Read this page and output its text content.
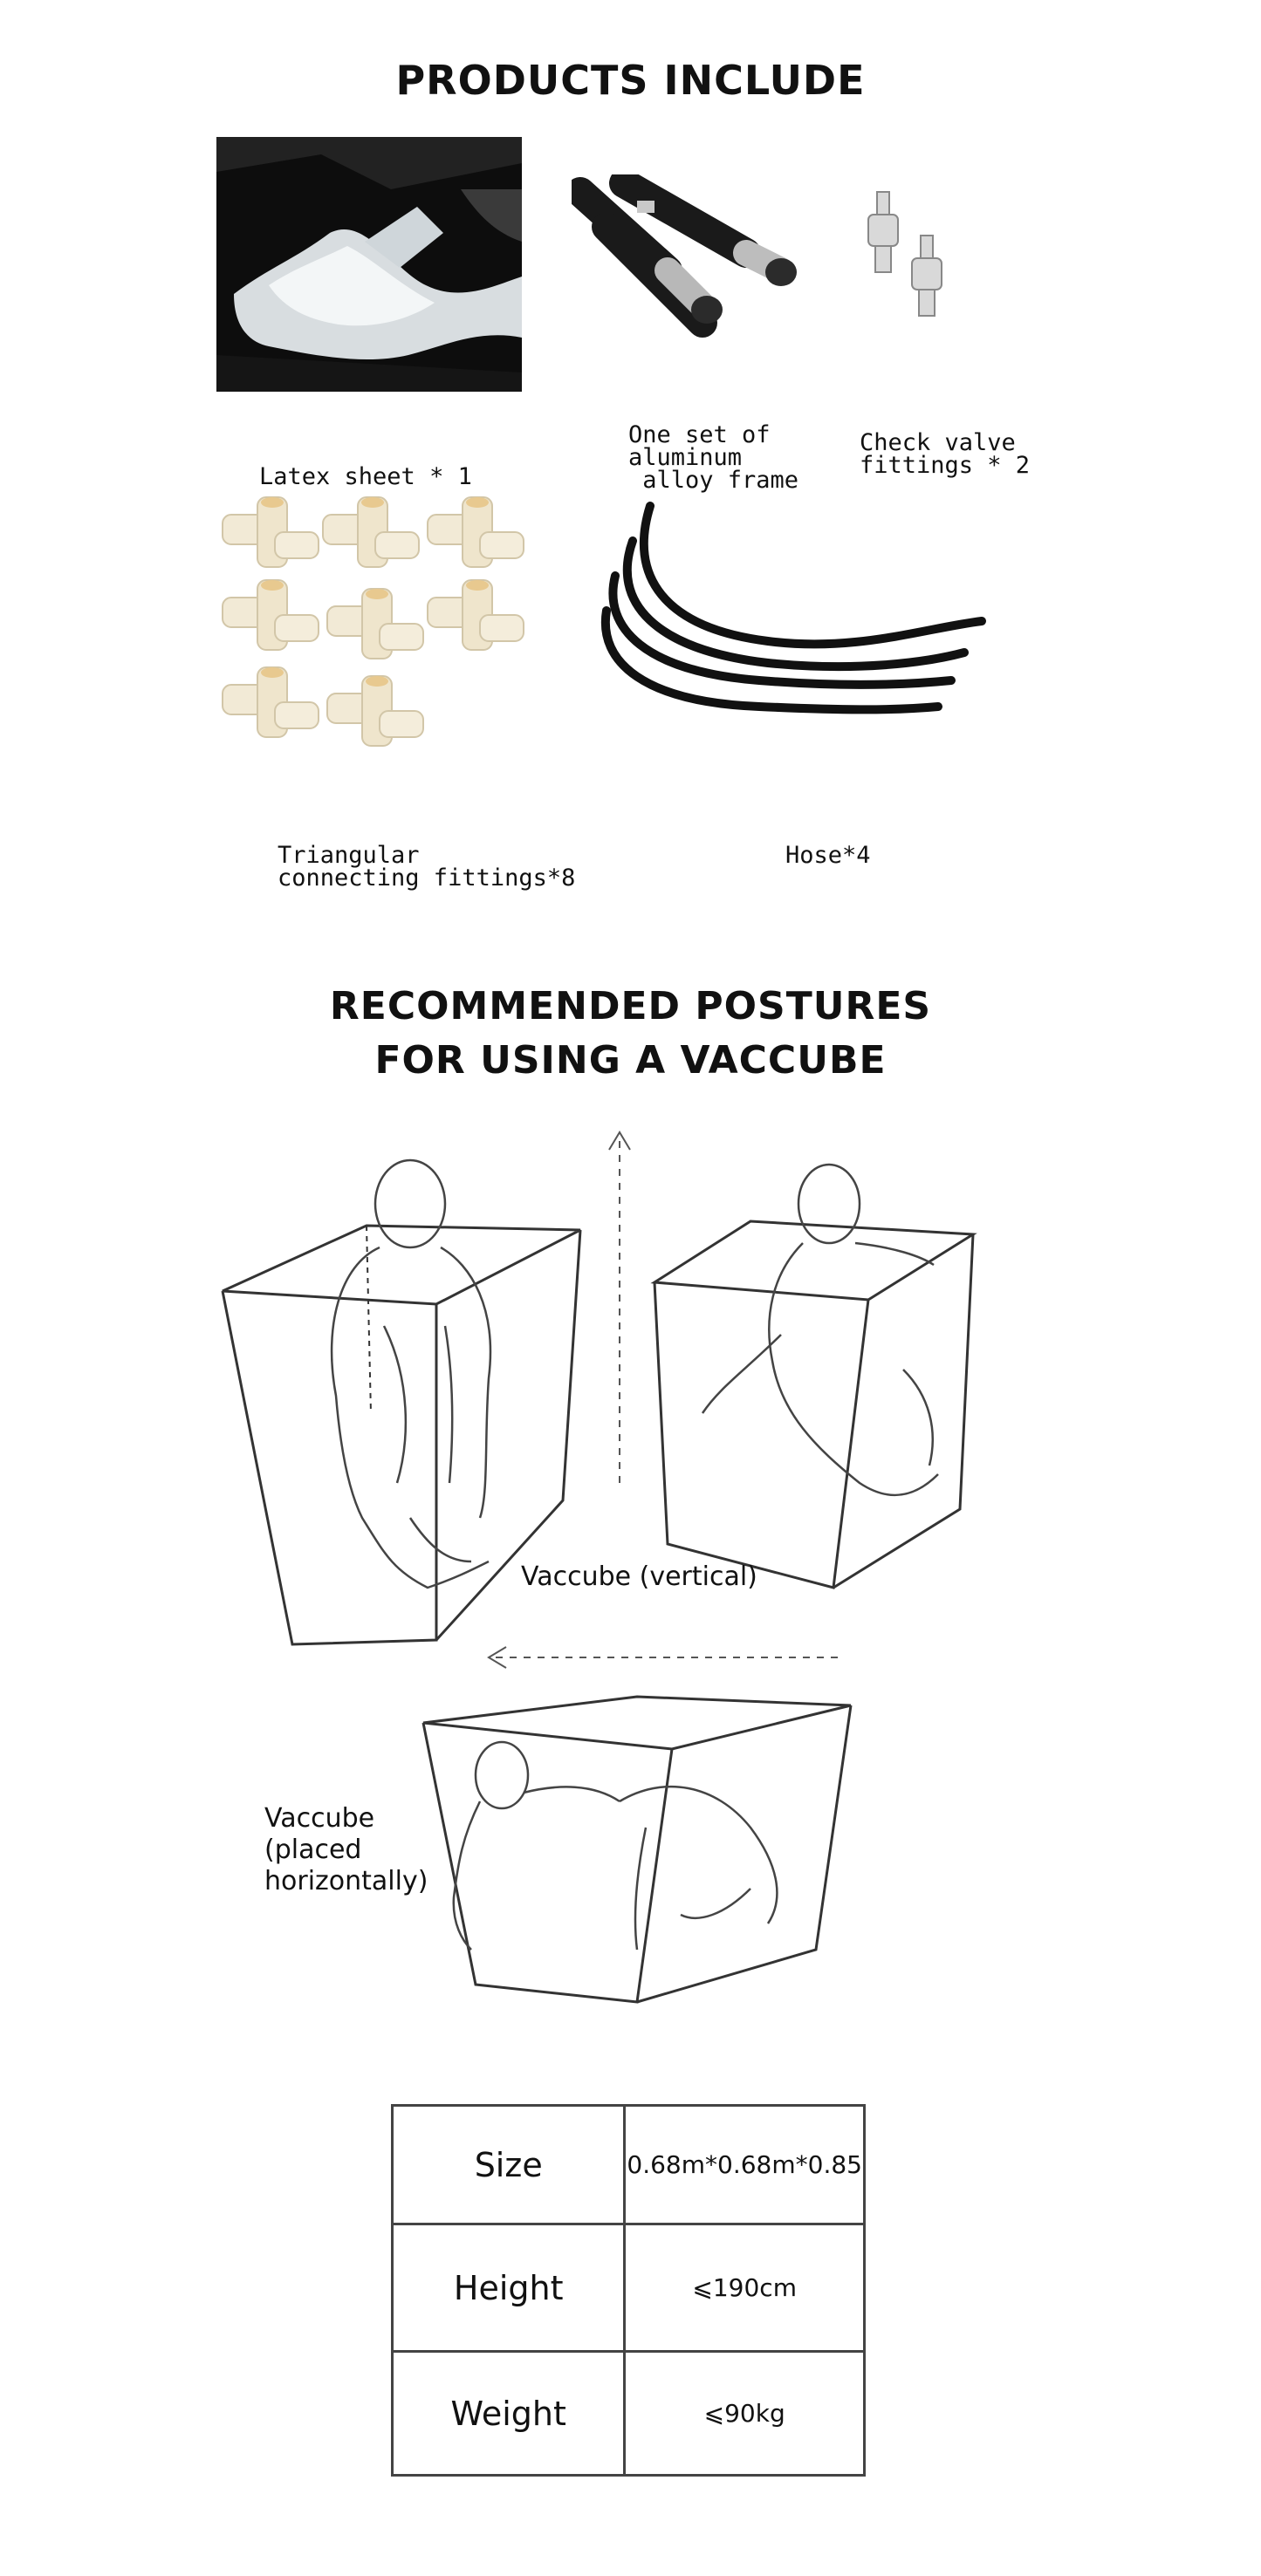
PRODUCTS INCLUDE
Latex sheet * 1
One set of
aluminum
alloy frame
Check valve
fittings * 2
Triangular
connecting fittings*8
Hose*4
RECOMMENDED POSTURES
FOR USING A VACCUBE
Vaccube (vertical)
Vaccube
(placed
horizontally)
Size	0.68m*0.68m*0.85
Height	⩽190cm
Weight	⩽90kg
